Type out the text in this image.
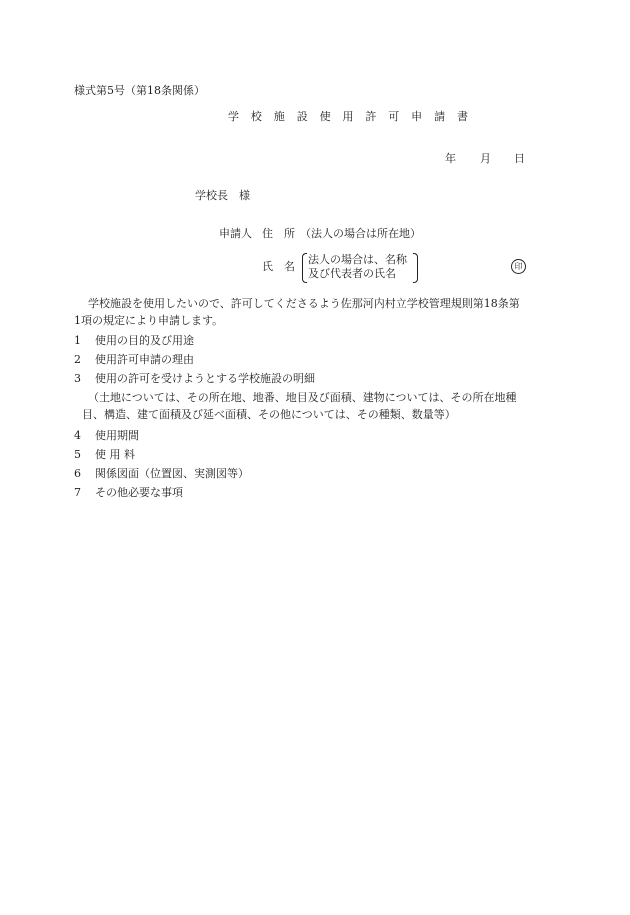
様式第5号（第18条関係）
学 校 施 設 使 用 許 可 申 請 書
年 月 日
学校長　様
申請人 住　所 （法人の場合は所在地）
氏　名
法人の場合は、名称
及び代表者の氏名
印
学校施設を使用したいので、許可してくださるよう佐那河内村立学校管理規則第18条第
1項の規定により申請します。
1 使用の目的及び用途
2 使用許可申請の理由
3 使用の許可を受けようとする学校施設の明細
（土地については、その所在地、地番、地目及び面積、建物については、その所在地種
目、構造、建て面積及び延べ面積、その他については、その種類、数量等）
4 使用期間
5 使 用 料
6 関係図面（位置図、実測図等）
7 その他必要な事項
